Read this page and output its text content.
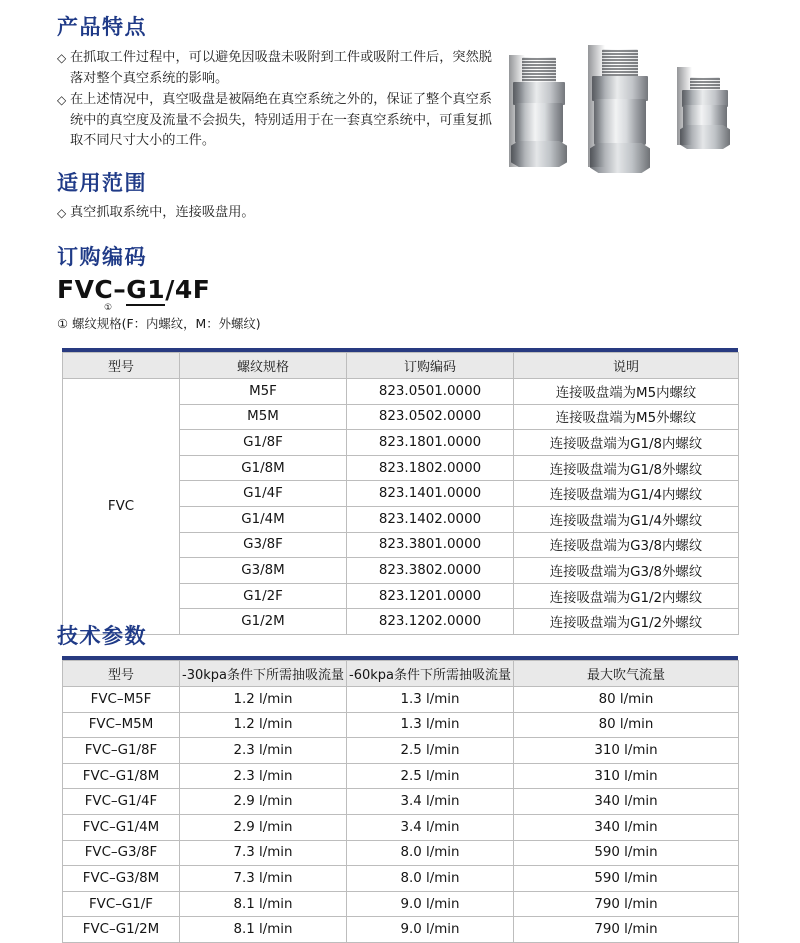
产品特点
◇ 在抓取工件过程中，可以避免因吸盘未吸附到工件或吸附工件后，突然脱落对整个真空系统的影响。
◇ 在上述情况中，真空吸盘是被隔绝在真空系统之外的，保证了整个真空系统中的真空度及流量不会损失，特别适用于在一套真空系统中，可重复抓取不同尺寸大小的工件。
适用范围
◇ 真空抓取系统中，连接吸盘用。
订购编码
FVC–G1/4F
①
① 螺纹规格(F：内螺纹，M：外螺纹)
型号	螺纹规格	订购编码	说明
FVC	M5F	823.0501.0000	连接吸盘端为M5内螺纹
	M5M	823.0502.0000	连接吸盘端为M5外螺纹
	G1/8F	823.1801.0000	连接吸盘端为G1/8内螺纹
	G1/8M	823.1802.0000	连接吸盘端为G1/8外螺纹
	G1/4F	823.1401.0000	连接吸盘端为G1/4内螺纹
	G1/4M	823.1402.0000	连接吸盘端为G1/4外螺纹
	G3/8F	823.3801.0000	连接吸盘端为G3/8内螺纹
	G3/8M	823.3802.0000	连接吸盘端为G3/8外螺纹
	G1/2F	823.1201.0000	连接吸盘端为G1/2内螺纹
	G1/2M	823.1202.0000	连接吸盘端为G1/2外螺纹
技术参数
型号	-30kpa条件下所需抽吸流量	-60kpa条件下所需抽吸流量	最大吹气流量
FVC–M5F	1.2 l/min	1.3 l/min	80 l/min
FVC–M5M	1.2 l/min	1.3 l/min	80 l/min
FVC–G1/8F	2.3 l/min	2.5 l/min	310 l/min
FVC–G1/8M	2.3 l/min	2.5 l/min	310 l/min
FVC–G1/4F	2.9 l/min	3.4 l/min	340 l/min
FVC–G1/4M	2.9 l/min	3.4 l/min	340 l/min
FVC–G3/8F	7.3 l/min	8.0 l/min	590 l/min
FVC–G3/8M	7.3 l/min	8.0 l/min	590 l/min
FVC–G1/F	8.1 l/min	9.0 l/min	790 l/min
FVC–G1/2M	8.1 l/min	9.0 l/min	790 l/min
